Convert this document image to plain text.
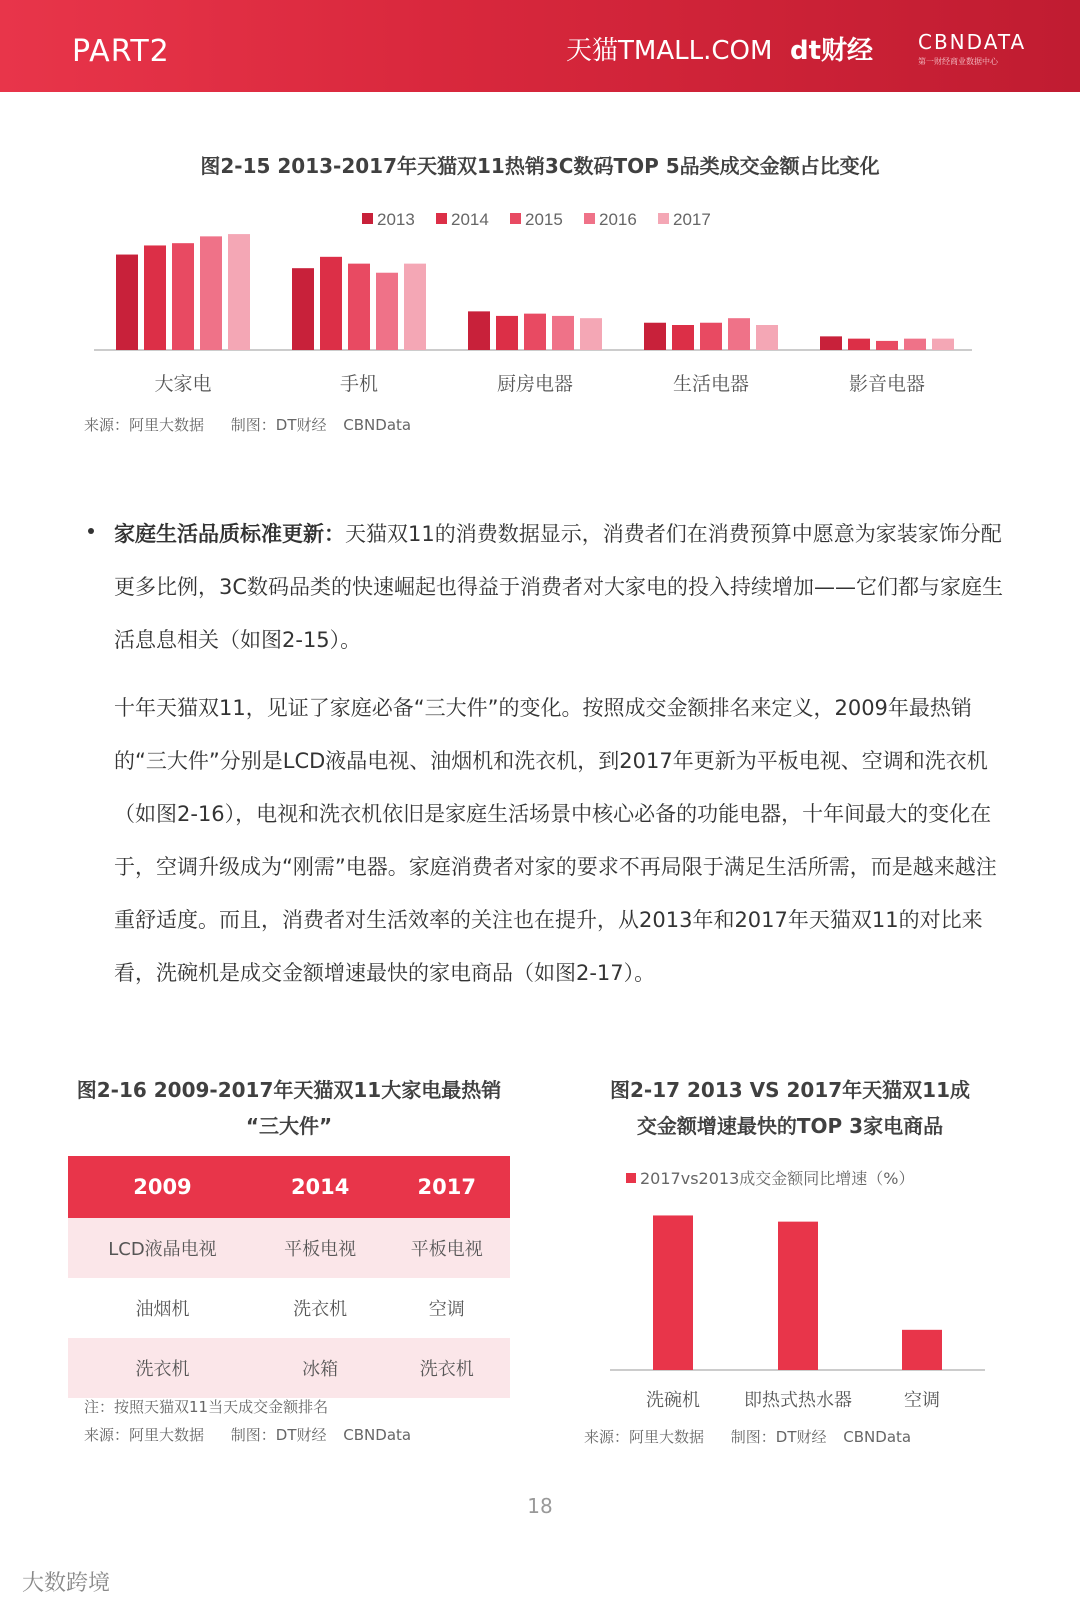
PART2	天猫TMALL.COM dt财经 CBNDATA
第一财经商业数据中心
图2-15 2013-2017年天猫双11热销3C数码TOP 5品类成交金额占比变化
2013 2014 2015 2016 2017
大家电	手机	厨房电器	生活电器	影音电器
来源：阿里大数据 制图：DT财经 CBNData
家庭生活品质标准更新：天猫双11的消费数据显示，消费者们在消费预算中愿意为家装家饰分配更多比例，3C数码品类的快速崛起也得益于消费者对大家电的投入持续增加——它们都与家庭生活息息相关（如图2-15）。
十年天猫双11，见证了家庭必备“三大件”的变化。按照成交金额排名来定义，2009年最热销的“三大件”分别是LCD液晶电视、油烟机和洗衣机，到2017年更新为平板电视、空调和洗衣机（如图2-16），电视和洗衣机依旧是家庭生活场景中核心必备的功能电器，十年间最大的变化在于，空调升级成为“刚需”电器。家庭消费者对家的要求不再局限于满足生活所需，而是越来越注重舒适度。而且，消费者对生活效率的关注也在提升，从2013年和2017年天猫双11的对比来看，洗碗机是成交金额增速最快的家电商品（如图2-17）。
图2-16 2009-2017年天猫双11大家电最热销
“三大件”
2009	2014	2017
LCD液晶电视	平板电视	平板电视
油烟机	洗衣机	空调
洗衣机	冰箱	洗衣机
注：按照天猫双11当天成交金额排名
来源：阿里大数据 制图：DT财经 CBNData
图2-17 2013 VS 2017年天猫双11成
交金额增速最快的TOP 3家电商品
2017vs2013成交金额同比增速（%）
洗碗机 即热式热水器	空调
来源：阿里大数据 制图：DT财经 CBNData
18
大数跨境
